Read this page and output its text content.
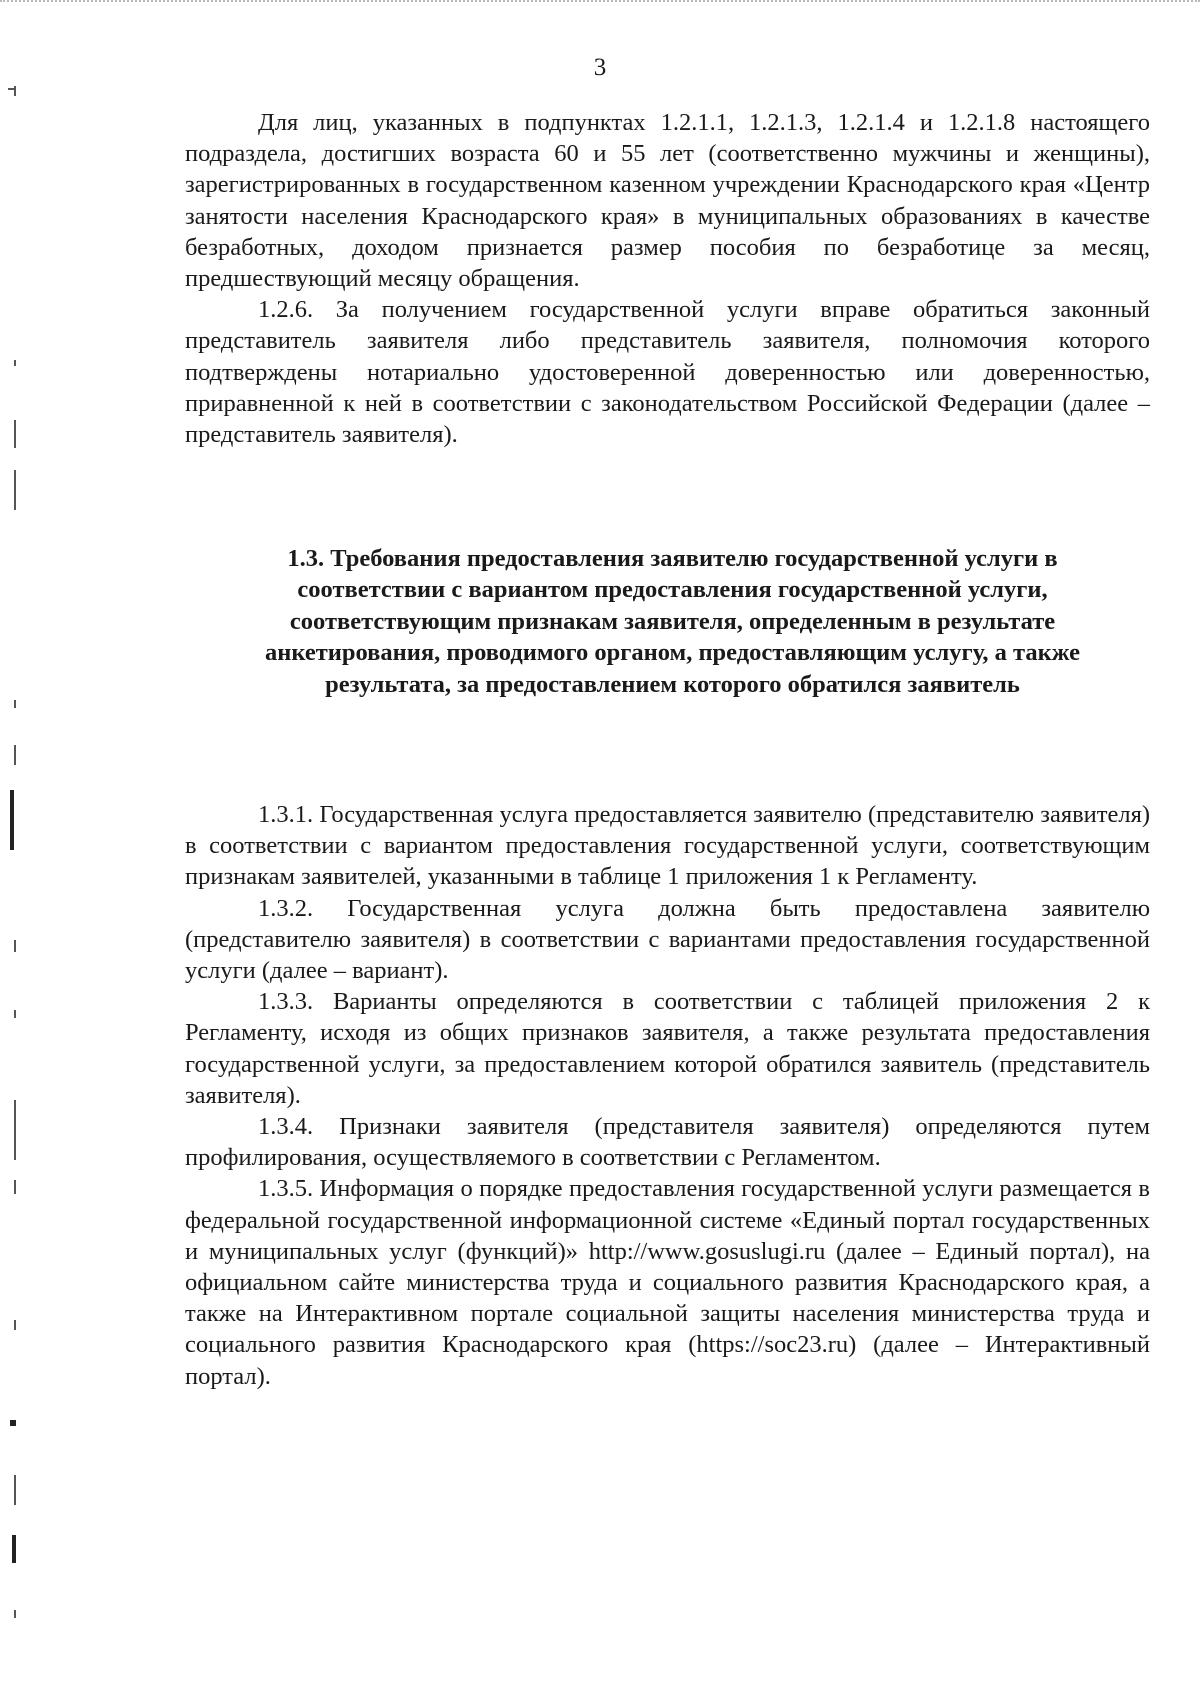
3

Для лиц, указанных в подпунктах 1.2.1.1, 1.2.1.3, 1.2.1.4 и 1.2.1.8 настоящего подраздела, достигших возраста 60 и 55 лет (соответственно мужчины и женщины), зарегистрированных в государственном казенном учреждении Краснодарского края «Центр занятости населения Краснодарского края» в муниципальных образованиях в качестве безработных, доходом признается размер пособия по безработице за месяц, предшествующий месяцу обращения.

1.2.6. За получением государственной услуги вправе обратиться законный представитель заявителя либо представитель заявителя, полномочия которого подтверждены нотариально удостоверенной доверенностью или доверенностью, приравненной к ней в соответствии с законодательством Российской Федерации (далее – представитель заявителя).

1.3. Требования предоставления заявителю государственной услуги в соответствии с вариантом предоставления государственной услуги, соответствующим признакам заявителя, определенным в результате анкетирования, проводимого органом, предоставляющим услугу, а также результата, за предоставлением которого обратился заявитель

1.3.1. Государственная услуга предоставляется заявителю (представителю заявителя) в соответствии с вариантом предоставления государственной услуги, соответствующим признакам заявителей, указанными в таблице 1 приложения 1 к Регламенту.

1.3.2. Государственная услуга должна быть предоставлена заявителю (представителю заявителя) в соответствии с вариантами предоставления государственной услуги (далее – вариант).

1.3.3. Варианты определяются в соответствии с таблицей приложения 2 к Регламенту, исходя из общих признаков заявителя, а также результата предоставления государственной услуги, за предоставлением которой обратился заявитель (представитель заявителя).

1.3.4. Признаки заявителя (представителя заявителя) определяются путем профилирования, осуществляемого в соответствии с Регламентом.

1.3.5. Информация о порядке предоставления государственной услуги размещается в федеральной государственной информационной системе «Единый портал государственных и муниципальных услуг (функций)» http://www.gosuslugi.ru (далее – Единый портал), на официальном сайте министерства труда и социального развития Краснодарского края, а также на Интерактивном портале социальной защиты населения министерства труда и социального развития Краснодарского края (https://soc23.ru) (далее – Интерактивный портал).
